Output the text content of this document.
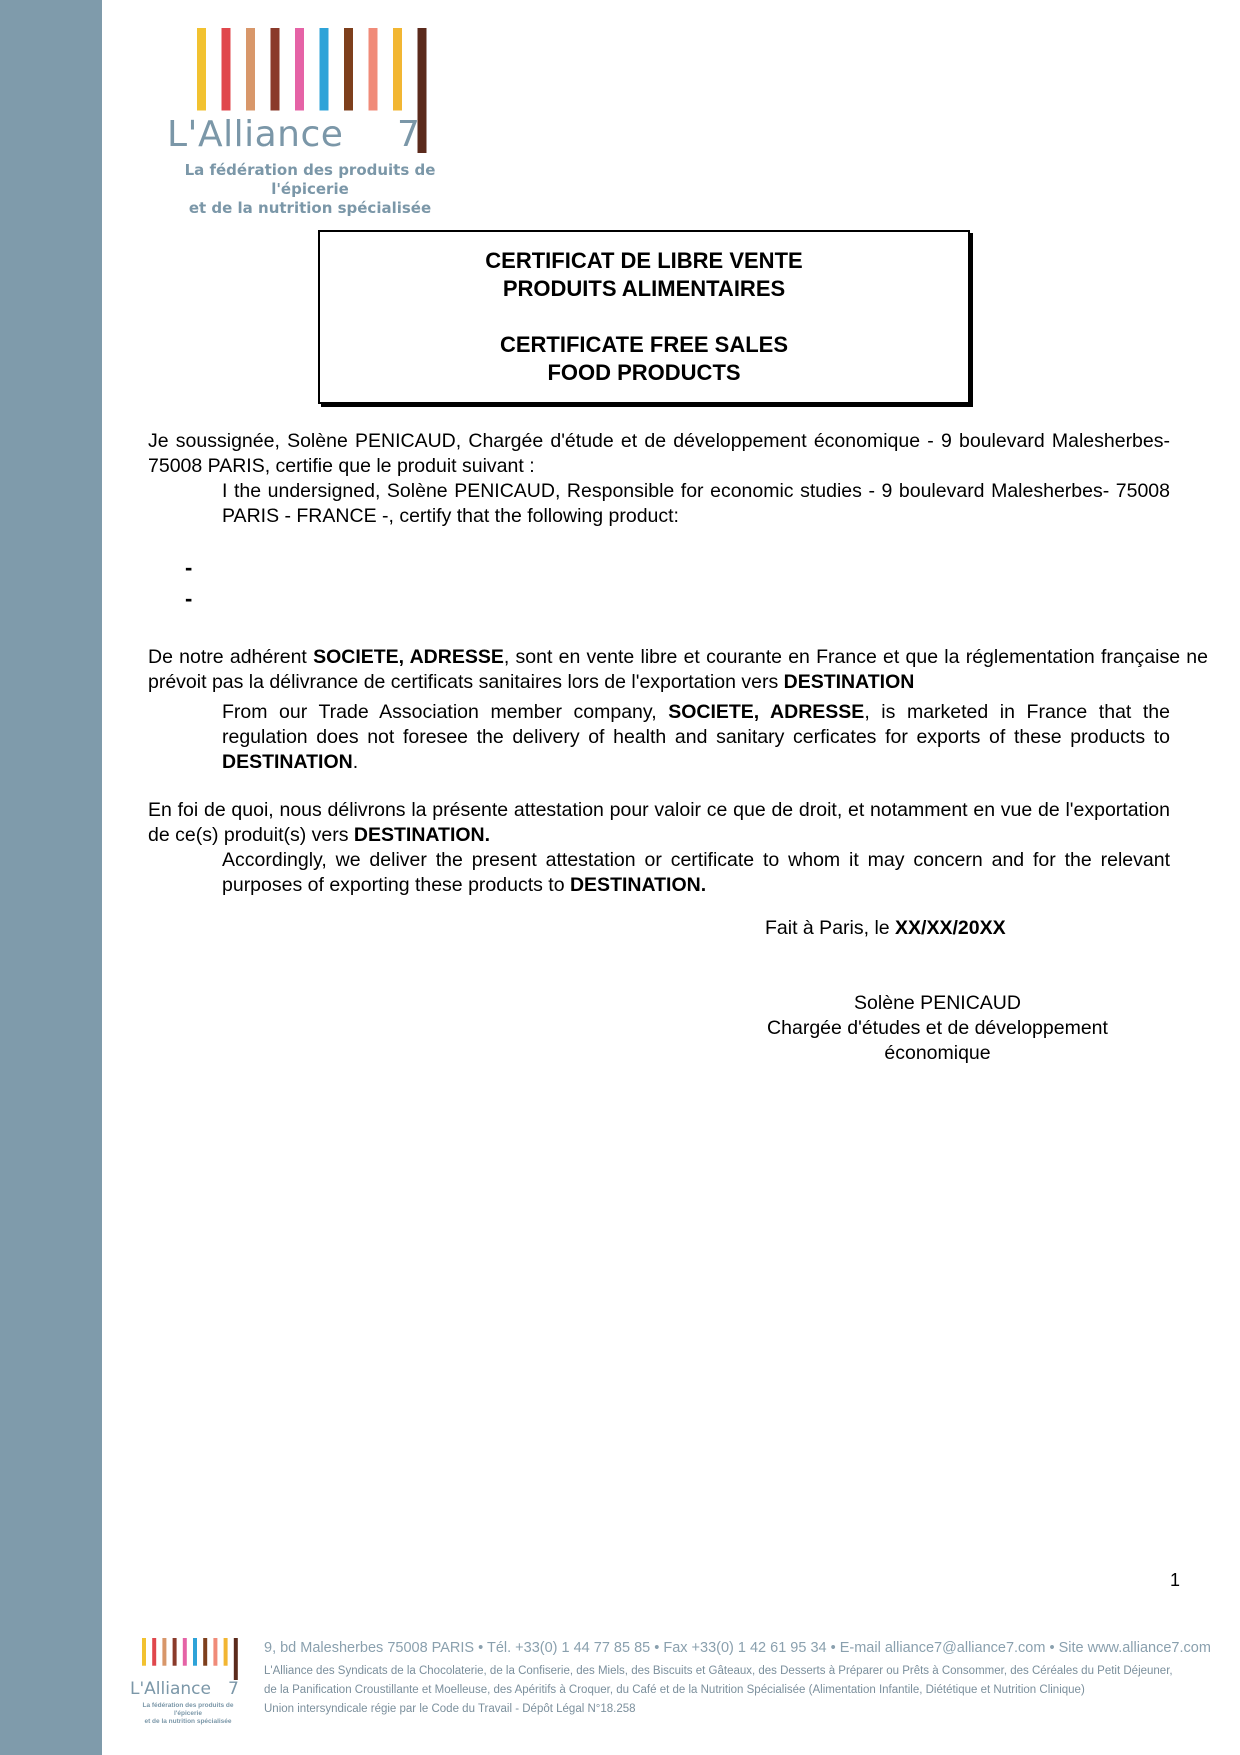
L'Alliance 7
La fédération des produits de l'épicerie
et de la nutrition spécialisée
CERTIFICAT DE LIBRE VENTE
PRODUITS ALIMENTAIRES
CERTIFICATE FREE SALES
FOOD PRODUCTS
Je soussignée, Solène PENICAUD, Chargée d'étude et de développement économique - 9 boulevard Malesherbes- 75008 PARIS, certifie que le produit suivant :
I the undersigned, Solène PENICAUD, Responsible for economic studies - 9 boulevard Malesherbes- 75008 PARIS - FRANCE -, certify that the following product:
-
-
De notre adhérent SOCIETE, ADRESSE, sont en vente libre et courante en France et que la réglementation française ne prévoit pas la délivrance de certificats sanitaires lors de l'exportation vers DESTINATION
From our Trade Association member company, SOCIETE, ADRESSE, is marketed in France that the regulation does not foresee the delivery of health and sanitary cerficates for exports of these products to DESTINATION.
En foi de quoi, nous délivrons la présente attestation pour valoir ce que de droit, et notamment en vue de l'exportation de ce(s) produit(s) vers DESTINATION.
Accordingly, we deliver the present attestation or certificate to whom it may concern and for the relevant purposes of exporting these products to DESTINATION.
Fait à Paris, le XX/XX/20XX
Solène PENICAUD
Chargée d'études et de développement
économique
1
L'Alliance 7
La fédération des produits de l'épicerie
et de la nutrition spécialisée
9, bd Malesherbes 75008 PARIS • Tél. +33(0) 1 44 77 85 85 • Fax +33(0) 1 42 61 95 34 • E-mail alliance7@alliance7.com • Site www.alliance7.com
L'Alliance des Syndicats de la Chocolaterie, de la Confiserie, des Miels, des Biscuits et Gâteaux, des Desserts à Préparer ou Prêts à Consommer, des Céréales du Petit Déjeuner,
de la Panification Croustillante et Moelleuse, des Apéritifs à Croquer, du Café et de la Nutrition Spécialisée (Alimentation Infantile, Diététique et Nutrition Clinique)
Union intersyndicale régie par le Code du Travail - Dépôt Légal N°18.258
